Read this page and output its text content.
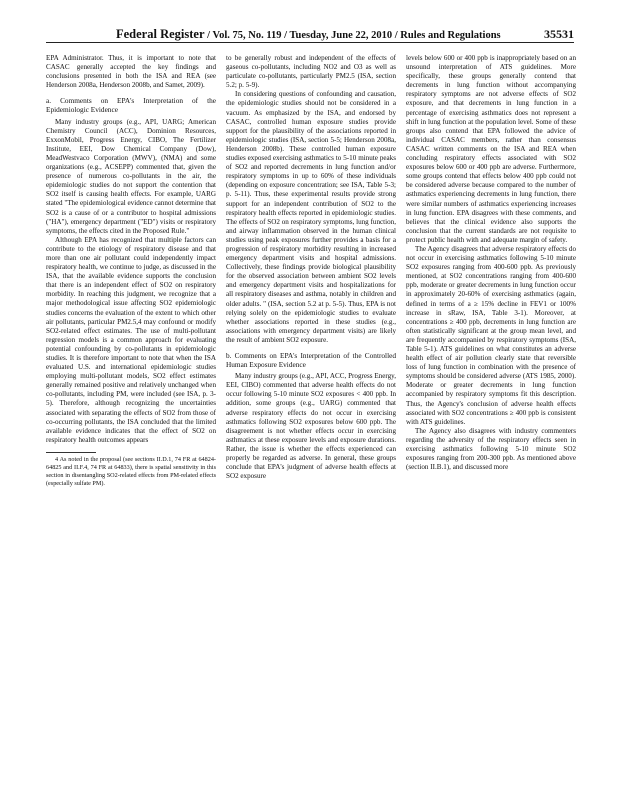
Federal Register / Vol. 75, No. 119 / Tuesday, June 22, 2010 / Rules and Regulations	35531

EPA Administrator. Thus, it is important to note that CASAC generally accepted the key findings and conclusions presented in both the ISA and REA (see Henderson 2008a, Henderson 2008b, and Samet, 2009).

a. Comments on EPA's Interpretation of the Epidemiologic Evidence

Many industry groups (e.g., API, UARG; American Chemistry Council (ACC), Dominion Resources, ExxonMobil, Progress Energy, CIBO, The Fertilizer Institute, EEI, Dow Chemical Company (Dow), MeadWestvaco Corporation (MWV), (NMA) and some organizations (e.g., ACSEPP) commented that, given the presence of numerous co-pollutants in the air, the epidemiologic studies do not support the contention that SO2 itself is causing health effects. For example, UARG stated "The epidemiological evidence cannot determine that SO2 is a cause of or a contributor to hospital admissions ("HA"), emergency department ("ED") visits or respiratory symptoms, the effects cited in the Proposed Rule."

Although EPA has recognized that multiple factors can contribute to the etiology of respiratory disease and that more than one air pollutant could independently impact respiratory health, we continue to judge, as discussed in the ISA, that the available evidence supports the conclusion that there is an independent effect of SO2 on respiratory morbidity. In reaching this judgment, we recognize that a major methodological issue affecting SO2 epidemiologic studies concerns the evaluation of the extent to which other air pollutants, particular PM2.5,4 may confound or modify SO2-related effect estimates. The use of multi-pollutant regression models is a common approach for evaluating potential confounding by co-pollutants in epidemiologic studies. It is therefore important to note that when the ISA evaluated U.S. and international epidemiologic studies employing multi-pollutant models, SO2 effect estimates generally remained positive and relatively unchanged when co-pollutants, including PM, were included (see ISA, p. 3-5). Therefore, although recognizing the uncertainties associated with separating the effects of SO2 from those of co-occurring pollutants, the ISA concluded that the limited available evidence indicates that the effect of SO2 on respiratory health outcomes appears

4 As noted in the proposal (see sections II.D.1, 74 FR at 64824-64825 and II.F.4, 74 FR at 64833), there is spatial sensitivity in this section in disentangling SO2-related effects from PM-related effects (especially sulfate PM).

to be generally robust and independent of the effects of gaseous co-pollutants, including NO2 and O3 as well as particulate co-pollutants, particularly PM2.5 (ISA, section 5.2; p. 5-9).

In considering questions of confounding and causation, the epidemiologic studies should not be considered in a vacuum. As emphasized by the ISA, and endorsed by CASAC, controlled human exposure studies provide support for the plausibility of the associations reported in epidemiologic studies (ISA, section 5-5; Henderson 2008a, Henderson 2008b). These controlled human exposure studies exposed exercising asthmatics to 5-10 minute peaks of SO2 and reported decrements in lung function and/or respiratory symptoms in up to 60% of these individuals (depending on exposure concentration; see ISA, Table 5-3; p. 5-11). Thus, these experimental results provide strong support for an independent contribution of SO2 to the respiratory health effects reported in epidemiologic studies. The effects of SO2 on respiratory symptoms, lung function, and airway inflammation observed in the human clinical studies using peak exposures further provides a basis for a progression of respiratory morbidity resulting in increased emergency department visits and hospital admissions. Collectively, these findings provide biological plausibility for the observed association between ambient SO2 levels and emergency department visits and hospitalizations for all respiratory diseases and asthma, notably in children and older adults. " (ISA, section 5.2 at p. 5-5). Thus, EPA is not relying solely on the epidemiologic studies to evaluate whether associations reported in these studies (e.g., associations with emergency department visits) are likely the result of ambient SO2 exposure.

b. Comments on EPA's Interpretation of the Controlled Human Exposure Evidence

Many industry groups (e.g., API, ACC, Progress Energy, EEI, CIBO) commented that adverse health effects do not occur following 5-10 minute SO2 exposures < 400 ppb. In addition, some groups (e.g., UARG) commented that adverse respiratory effects do not occur in exercising asthmatics following SO2 exposures below 600 ppb. The disagreement is not whether effects occur in exercising asthmatics at these exposure levels and exposure durations. Rather, the issue is whether the effects experienced can properly be regarded as adverse. In general, these groups conclude that EPA's judgment of adverse health effects at SO2 exposure

levels below 600 or 400 ppb is inappropriately based on an unsound interpretation of ATS guidelines. More specifically, these groups generally contend that decrements in lung function without accompanying respiratory symptoms are not adverse effects of SO2 exposure, and that decrements in lung function in a percentage of exercising asthmatics does not represent a shift in lung function at the population level. Some of these groups also contend that EPA followed the advice of individual CASAC members, rather than consensus CASAC written comments on the ISA and REA when concluding respiratory effects associated with SO2 exposures below 600 or 400 ppb are adverse. Furthermore, some groups contend that effects below 400 ppb could not be considered adverse because compared to the number of asthmatics experiencing decrements in lung function, there were similar numbers of asthmatics experiencing increases in lung function. EPA disagrees with these comments, and believes that the clinical evidence also supports the conclusion that the current standards are not requisite to protect public health with and adequate margin of safety.

The Agency disagrees that adverse respiratory effects do not occur in exercising asthmatics following 5-10 minute SO2 exposures ranging from 400-600 ppb. As previously mentioned, at SO2 concentrations ranging from 400-600 ppb, moderate or greater decrements in lung function occur in approximately 20-60% of exercising asthmatics (again, defined in terms of a ≥ 15% decline in FEV1 or 100% increase in sRaw, ISA, Table 3-1). Moreover, at concentrations ≥ 400 ppb, decrements in lung function are often statistically significant at the group mean level, and are frequently accompanied by respiratory symptoms (ISA, Table 5-1). ATS guidelines on what constitutes an adverse health effect of air pollution clearly state that reversible loss of lung function in combination with the presence of symptoms should be considered adverse (ATS 1985, 2000). Moderate or greater decrements in lung function accompanied by respiratory symptoms fit this description. Thus, the Agency's conclusion of adverse health effects associated with SO2 concentrations ≥ 400 ppb is consistent with ATS guidelines.

The Agency also disagrees with industry commenters regarding the adversity of the respiratory effects seen in exercising asthmatics following 5-10 minute SO2 exposures ranging from 200-300 ppb. As mentioned above (section II.B.1), and discussed more
